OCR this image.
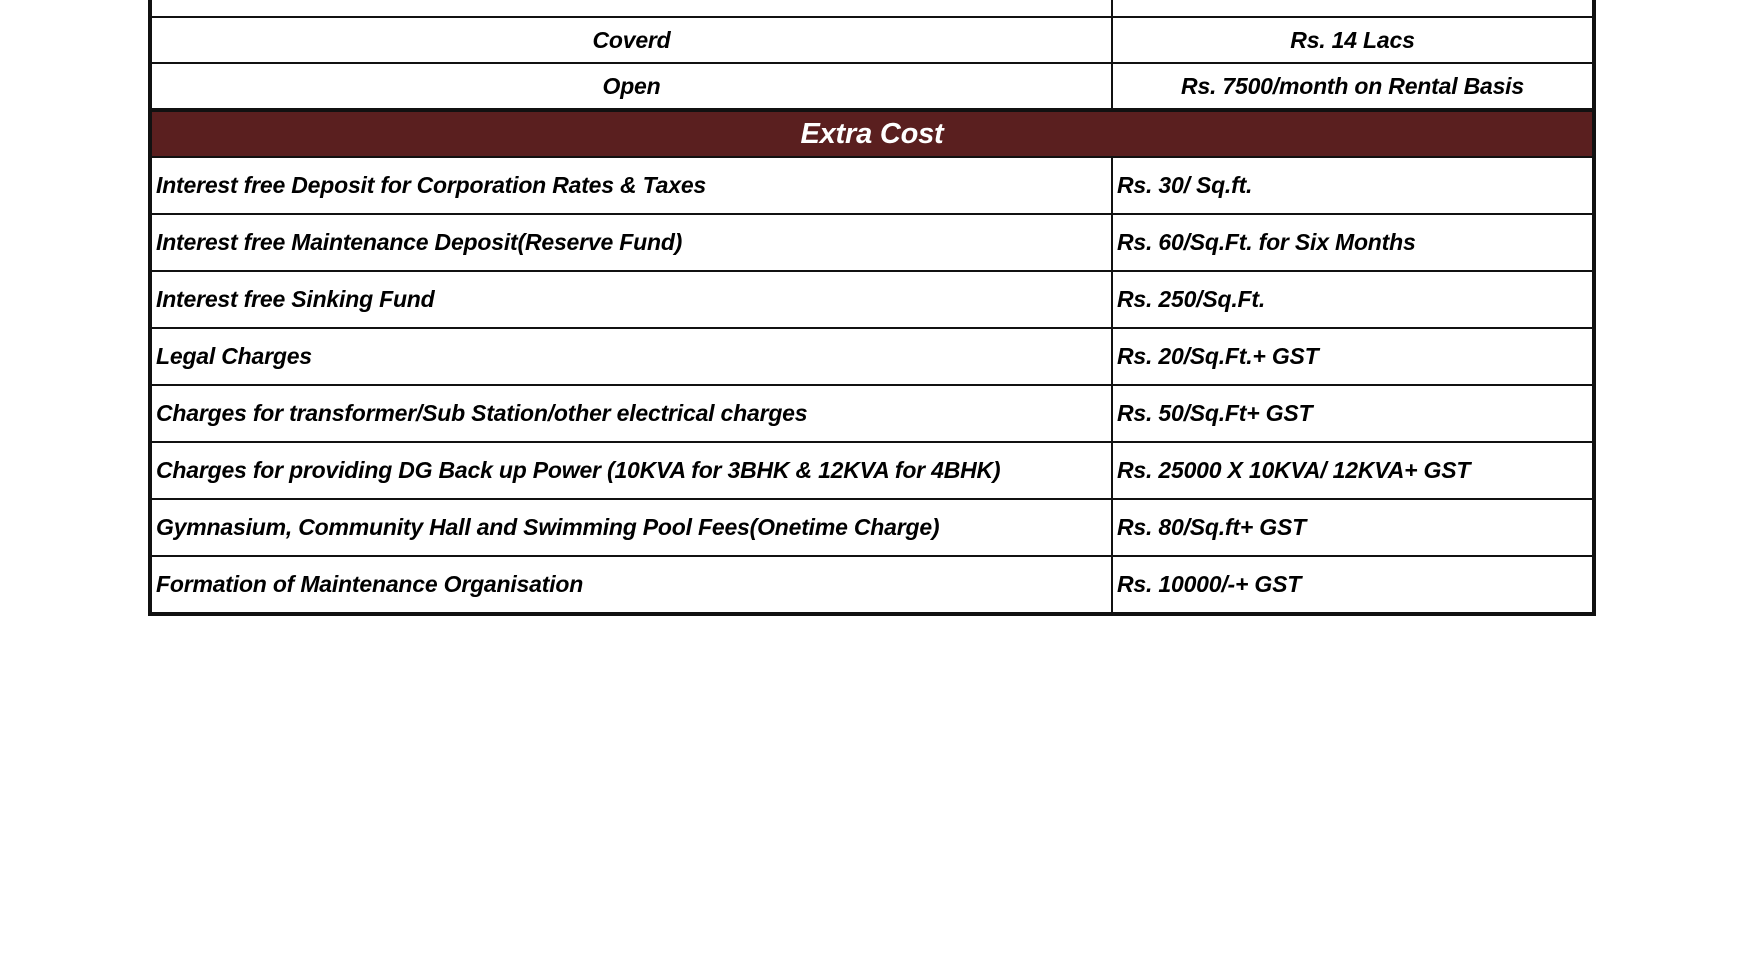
Coverd	Rs. 14 Lacs
Open	Rs. 7500/month on Rental Basis
Extra Cost	
Interest free Deposit for Corporation Rates & Taxes	Rs. 30/ Sq.ft.
Interest free Maintenance Deposit(Reserve Fund)	Rs. 60/Sq.Ft. for Six Months
Interest free Sinking Fund	Rs. 250/Sq.Ft.
Legal Charges	Rs. 20/Sq.Ft.+ GST
Charges for transformer/Sub Station/other electrical charges	Rs. 50/Sq.Ft+ GST
Charges for providing DG Back up Power (10KVA for 3BHK & 12KVA for 4BHK)	Rs. 25000 X 10KVA/ 12KVA+ GST
Gymnasium, Community Hall and Swimming Pool Fees(Onetime Charge)	Rs. 80/Sq.ft+ GST
Formation of Maintenance Organisation	Rs. 10000/-+ GST
